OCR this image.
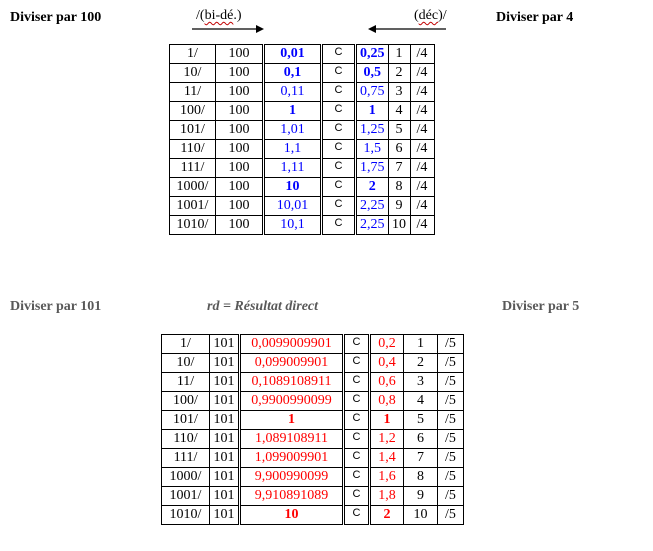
Diviser par 100	/(bi-dé.)	(déc)/	Diviser par 4
1/	100	0,01	C	0,25	1	/4
10/	100	0,1	C	0,5	2	/4
11/	100	0,11	C	0,75	3	/4
100/	100	1	C	1	4	/4
101/	100	1,01	C	1,25	5	/4
110/	100	1,1	C	1,5	6	/4
111/	100	1,11	C	1,75	7	/4
1000/	100	10	C	2	8	/4
1001/	100	10,01	C	2,25	9	/4
1010/	100	10,1	C	2,25	10	/4
Diviser par 101	rd = Résultat direct	Diviser par 5
1/	101	0,0099009901	C	0,2	1	/5
10/	101	0,099009901	C	0,4	2	/5
11/	101	0,1089108911	C	0,6	3	/5
100/	101	0,9900990099	C	0,8	4	/5
101/	101	1	C	1	5	/5
110/	101	1,089108911	C	1,2	6	/5
111/	101	1,099009901	C	1,4	7	/5
1000/	101	9,900990099	C	1,6	8	/5
1001/	101	9,910891089	C	1,8	9	/5
1010/	101	10	C	2	10	/5
